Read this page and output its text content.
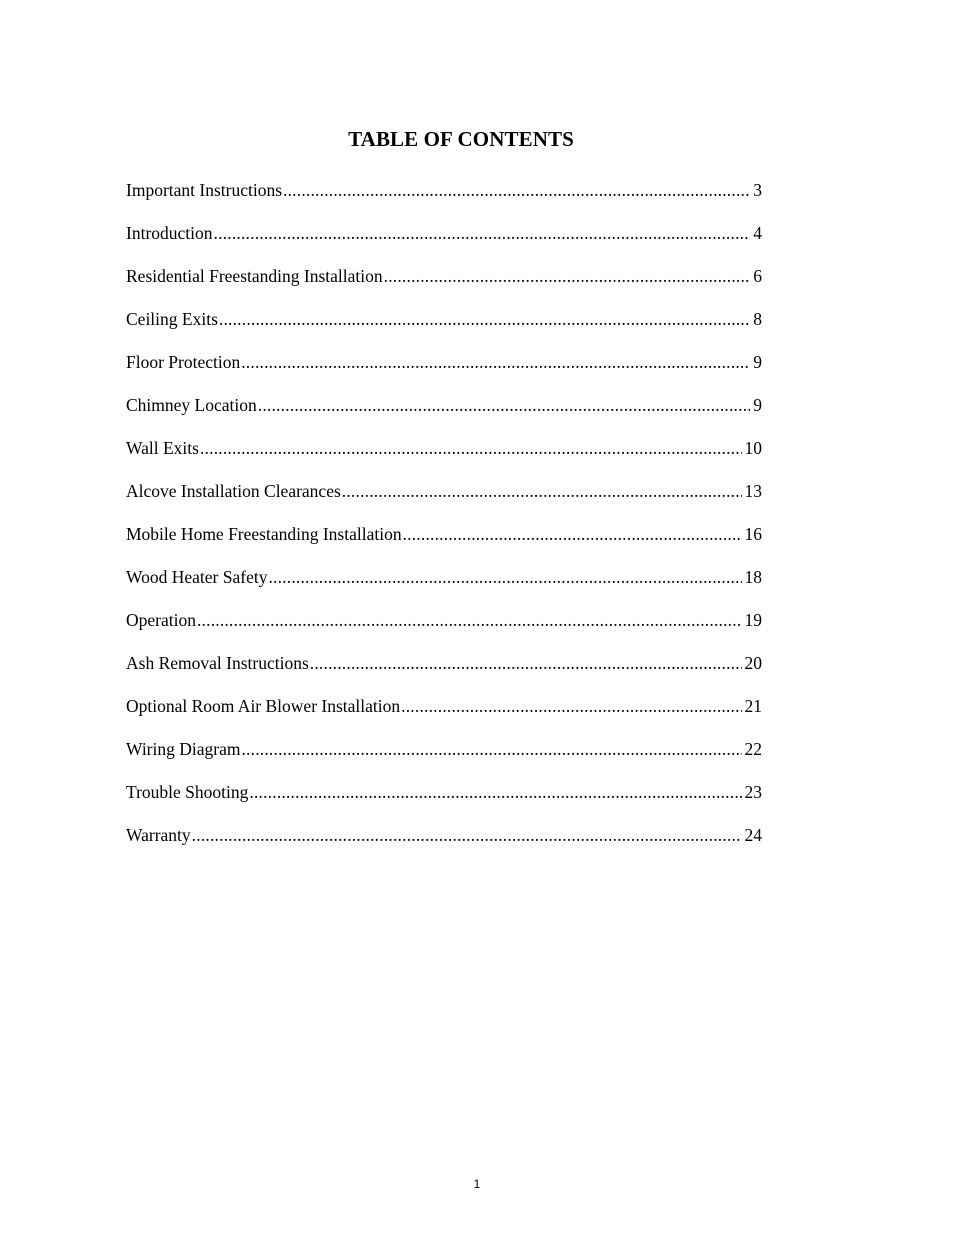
TABLE OF CONTENTS
Important Instructions .....	3
Introduction .....	4
Residential Freestanding Installation .....	6
Ceiling Exits .....	8
Floor Protection .....	9
Chimney Location .....	9
Wall Exits .....	10
Alcove Installation Clearances .....	13
Mobile Home Freestanding Installation .....	16
Wood Heater Safety .....	18
Operation .....	19
Ash Removal Instructions .....	20
Optional Room Air Blower Installation .....	21
Wiring Diagram .....	22
Trouble Shooting .....	23
Warranty .....	24
1
